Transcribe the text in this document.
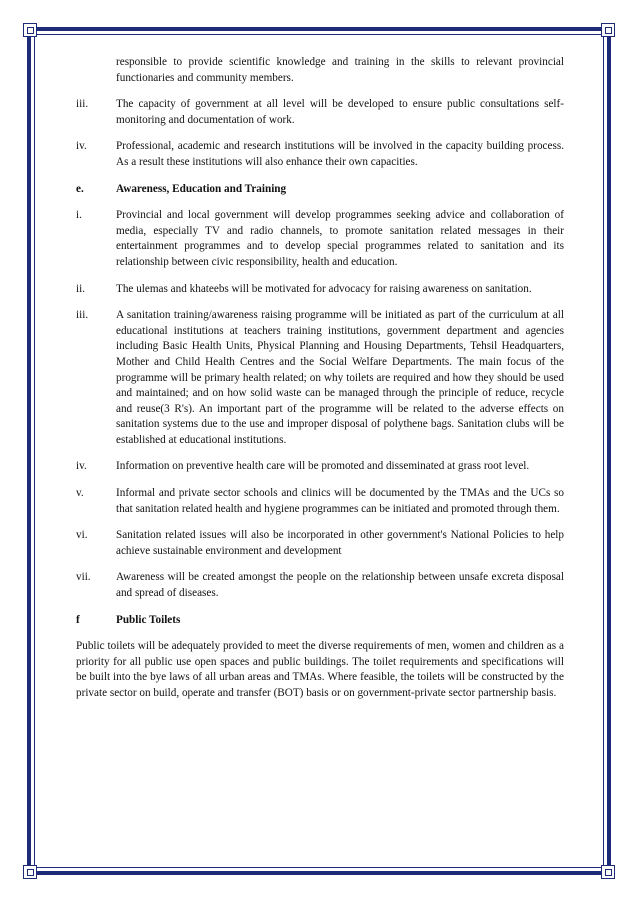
responsible to provide scientific knowledge and training in the skills to relevant provincial functionaries and community members.
iii.	The capacity of government at all level will be developed to ensure public consultations self-monitoring and documentation of work.
iv.	Professional, academic and research institutions will be involved in the capacity building process. As a result these institutions will also enhance their own capacities.
e.	Awareness, Education and Training
i.	Provincial and local government will develop programmes seeking advice and collaboration of media, especially TV and radio channels, to promote sanitation related messages in their entertainment programmes and to develop special programmes related to sanitation and its relationship between civic responsibility, health and education.
ii.	The ulemas and khateebs will be motivated for advocacy for raising awareness on sanitation.
iii.	A sanitation training/awareness raising programme will be initiated as part of the curriculum at all educational institutions at teachers training institutions, government department and agencies including Basic Health Units, Physical Planning and Housing Departments, Tehsil Headquarters, Mother and Child Health Centres and the Social Welfare Departments. The main focus of the programme will be primary health related; on why toilets are required and how they should be used and maintained; and on how solid waste can be managed through the principle of reduce, recycle and reuse(3 R's). An important part of the programme will be related to the adverse effects on sanitation systems due to the use and improper disposal of polythene bags. Sanitation clubs will be established at educational institutions.
iv.	Information on preventive health care will be promoted and disseminated at grass root level.
v.	Informal and private sector schools and clinics will be documented by the TMAs and the UCs so that sanitation related health and hygiene programmes can be initiated and promoted through them.
vi.	Sanitation related issues will also be incorporated in other government's National Policies to help achieve sustainable environment and development
vii.	Awareness will be created amongst the people on the relationship between unsafe excreta disposal and spread of diseases.
f	Public Toilets
Public toilets will be adequately provided to meet the diverse requirements of men, women and children as a priority for all public use open spaces and public buildings. The toilet requirements and specifications will be built into the bye laws of all urban areas and TMAs. Where feasible, the toilets will be constructed by the private sector on build, operate and transfer (BOT) basis or on government-private sector partnership basis.
